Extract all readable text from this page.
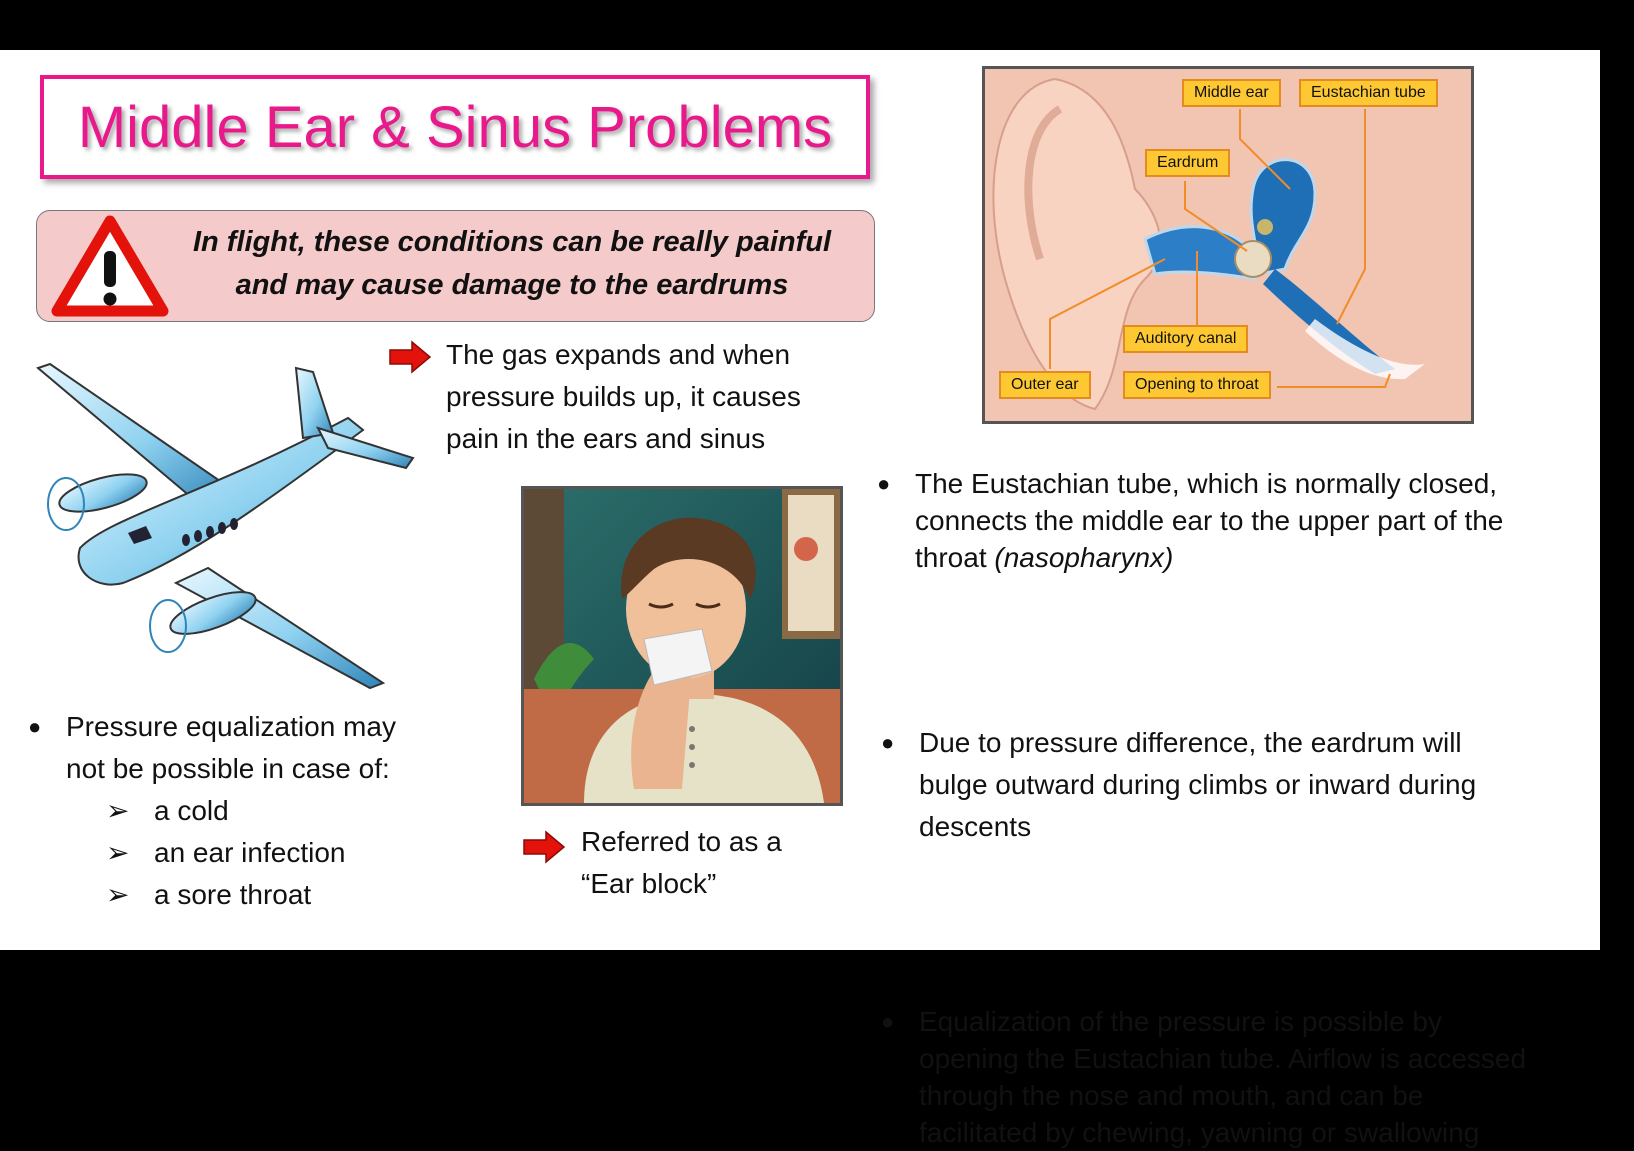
Middle Ear & Sinus Problems
In flight, these conditions can be really painful
and may cause damage to the eardrums
The gas expands and when
pressure builds up, it causes
pain in the ears and sinus
● Pressure equalization may
not be possible in case of:
➢ a cold
➢ an ear infection
➢ a sore throat
Referred to as a
“Ear block”
Middle ear	Eustachian tube
Eardrum
Auditory canal
Outer ear	Opening to throat
● The Eustachian tube, which is normally closed,
connects the middle ear to the upper part of the
throat (nasopharynx)
● Due to pressure difference, the eardrum will
bulge outward during climbs or inward during
descents
● Equalization of the pressure is possible by
opening the Eustachian tube. Airflow is accessed
through the nose and mouth, and can be
facilitated by chewing, yawning or swallowing
